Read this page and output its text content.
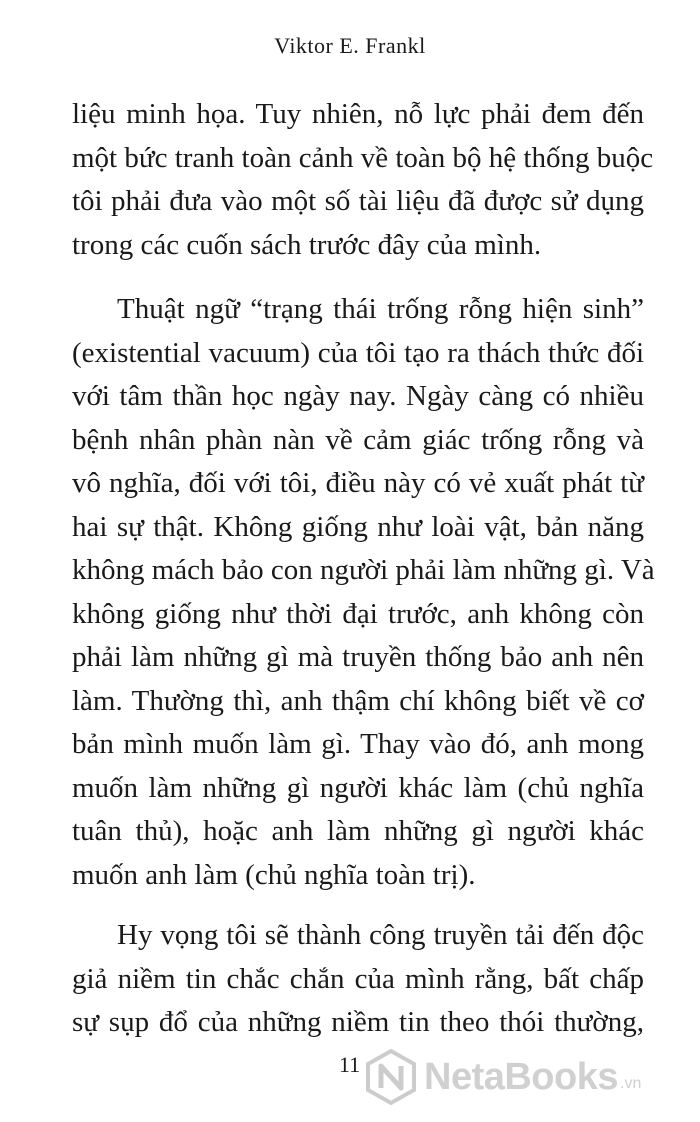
Viktor E. Frankl
liệu minh họa. Tuy nhiên, nỗ lực phải đem đến
một bức tranh toàn cảnh về toàn bộ hệ thống buộc
tôi phải đưa vào một số tài liệu đã được sử dụng
trong các cuốn sách trước đây của mình.
Thuật ngữ “trạng thái trống rỗng hiện sinh”
(existential vacuum) của tôi tạo ra thách thức đối
với tâm thần học ngày nay. Ngày càng có nhiều
bệnh nhân phàn nàn về cảm giác trống rỗng và
vô nghĩa, đối với tôi, điều này có vẻ xuất phát từ
hai sự thật. Không giống như loài vật, bản năng
không mách bảo con người phải làm những gì. Và
không giống như thời đại trước, anh không còn
phải làm những gì mà truyền thống bảo anh nên
làm. Thường thì, anh thậm chí không biết về cơ
bản mình muốn làm gì. Thay vào đó, anh mong
muốn làm những gì người khác làm (chủ nghĩa
tuân thủ), hoặc anh làm những gì người khác
muốn anh làm (chủ nghĩa toàn trị).
Hy vọng tôi sẽ thành công truyền tải đến độc
giả niềm tin chắc chắn của mình rằng, bất chấp
sự sụp đổ của những niềm tin theo thói thường,
11 NetaBooks .vn
